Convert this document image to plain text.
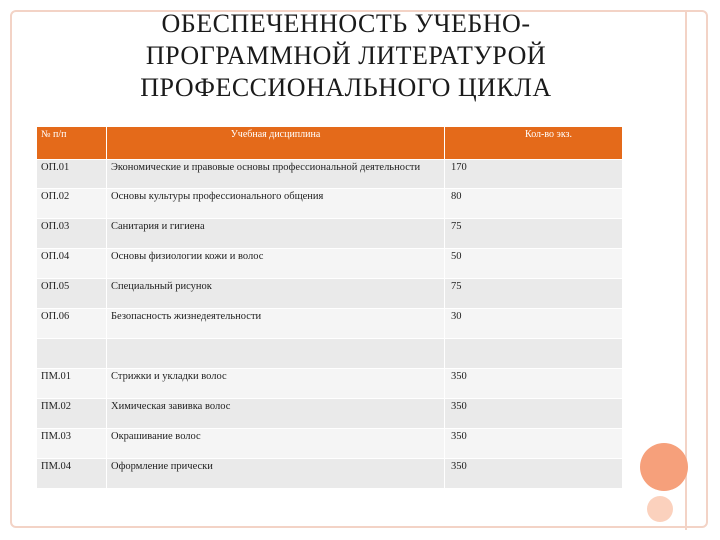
ОБЕСПЕЧЕННОСТЬ УЧЕБНО-
ПРОГРАММНОЙ ЛИТЕРАТУРОЙ
ПРОФЕССИОНАЛЬНОГО ЦИКЛА
№ п/п	Учебная дисциплина	Кол-во экз.
ОП.01	Экономические и правовые основы профессиональной деятельности	170
ОП.02	Основы культуры профессионального общения	80
ОП.03	Санитария и гигиена	75
ОП.04	Основы физиологии кожи и волос	50
ОП.05	Специальный рисунок	75
ОП.06	Безопасность жизнедеятельности	30

ПМ.01	Стрижки и укладки волос	350
ПМ.02	Химическая завивка волос	350
ПМ.03	Окрашивание волос	350
ПМ.04	Оформление прически	350
